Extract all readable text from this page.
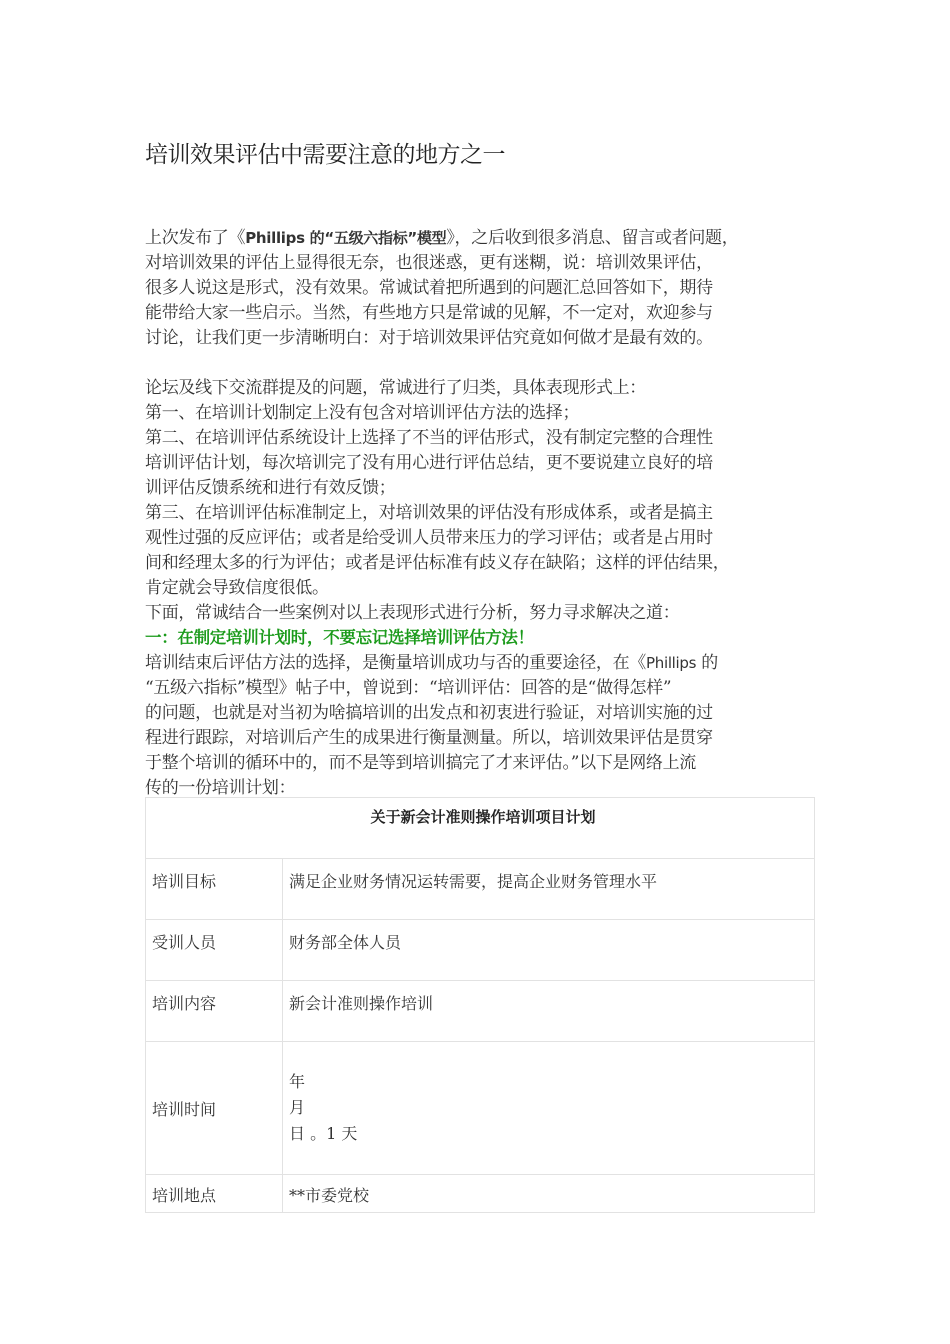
培训效果评估中需要注意的地方之一
上次发布了《Phillips 的“五级六指标”模型》，之后收到很多消息、留言或者问题，
对培训效果的评估上显得很无奈，也很迷惑，更有迷糊，说：培训效果评估，
很多人说这是形式，没有效果。常诚试着把所遇到的问题汇总回答如下，期待
能带给大家一些启示。当然，有些地方只是常诚的见解，不一定对，欢迎参与
讨论，让我们更一步清晰明白：对于培训效果评估究竟如何做才是最有效的。
论坛及线下交流群提及的问题，常诚进行了归类，具体表现形式上：
第一、在培训计划制定上没有包含对培训评估方法的选择；
第二、在培训评估系统设计上选择了不当的评估形式，没有制定完整的合理性
培训评估计划，每次培训完了没有用心进行评估总结，更不要说建立良好的培
训评估反馈系统和进行有效反馈；
第三、在培训评估标准制定上，对培训效果的评估没有形成体系，或者是搞主
观性过强的反应评估；或者是给受训人员带来压力的学习评估；或者是占用时
间和经理太多的行为评估；或者是评估标准有歧义存在缺陷；这样的评估结果，
肯定就会导致信度很低。
下面，常诚结合一些案例对以上表现形式进行分析，努力寻求解决之道：
一：在制定培训计划时，不要忘记选择培训评估方法！
培训结束后评估方法的选择，是衡量培训成功与否的重要途径，在《Phillips 的
“五级六指标”模型》帖子中，曾说到：“培训评估：回答的是“做得怎样”
的问题，也就是对当初为啥搞培训的出发点和初衷进行验证，对培训实施的过
程进行跟踪，对培训后产生的成果进行衡量测量。所以，培训效果评估是贯穿
于整个培训的循环中的，而不是等到培训搞完了才来评估。”以下是网络上流
传的一份培训计划：
关于新会计准则操作培训项目计划	
培训目标	满足企业财务情况运转需要，提高企业财务管理水平
受训人员	财务部全体人员
培训内容	新会计准则操作培训
培训时间	年
月
日 。1 天

培训地点	**市委党校
